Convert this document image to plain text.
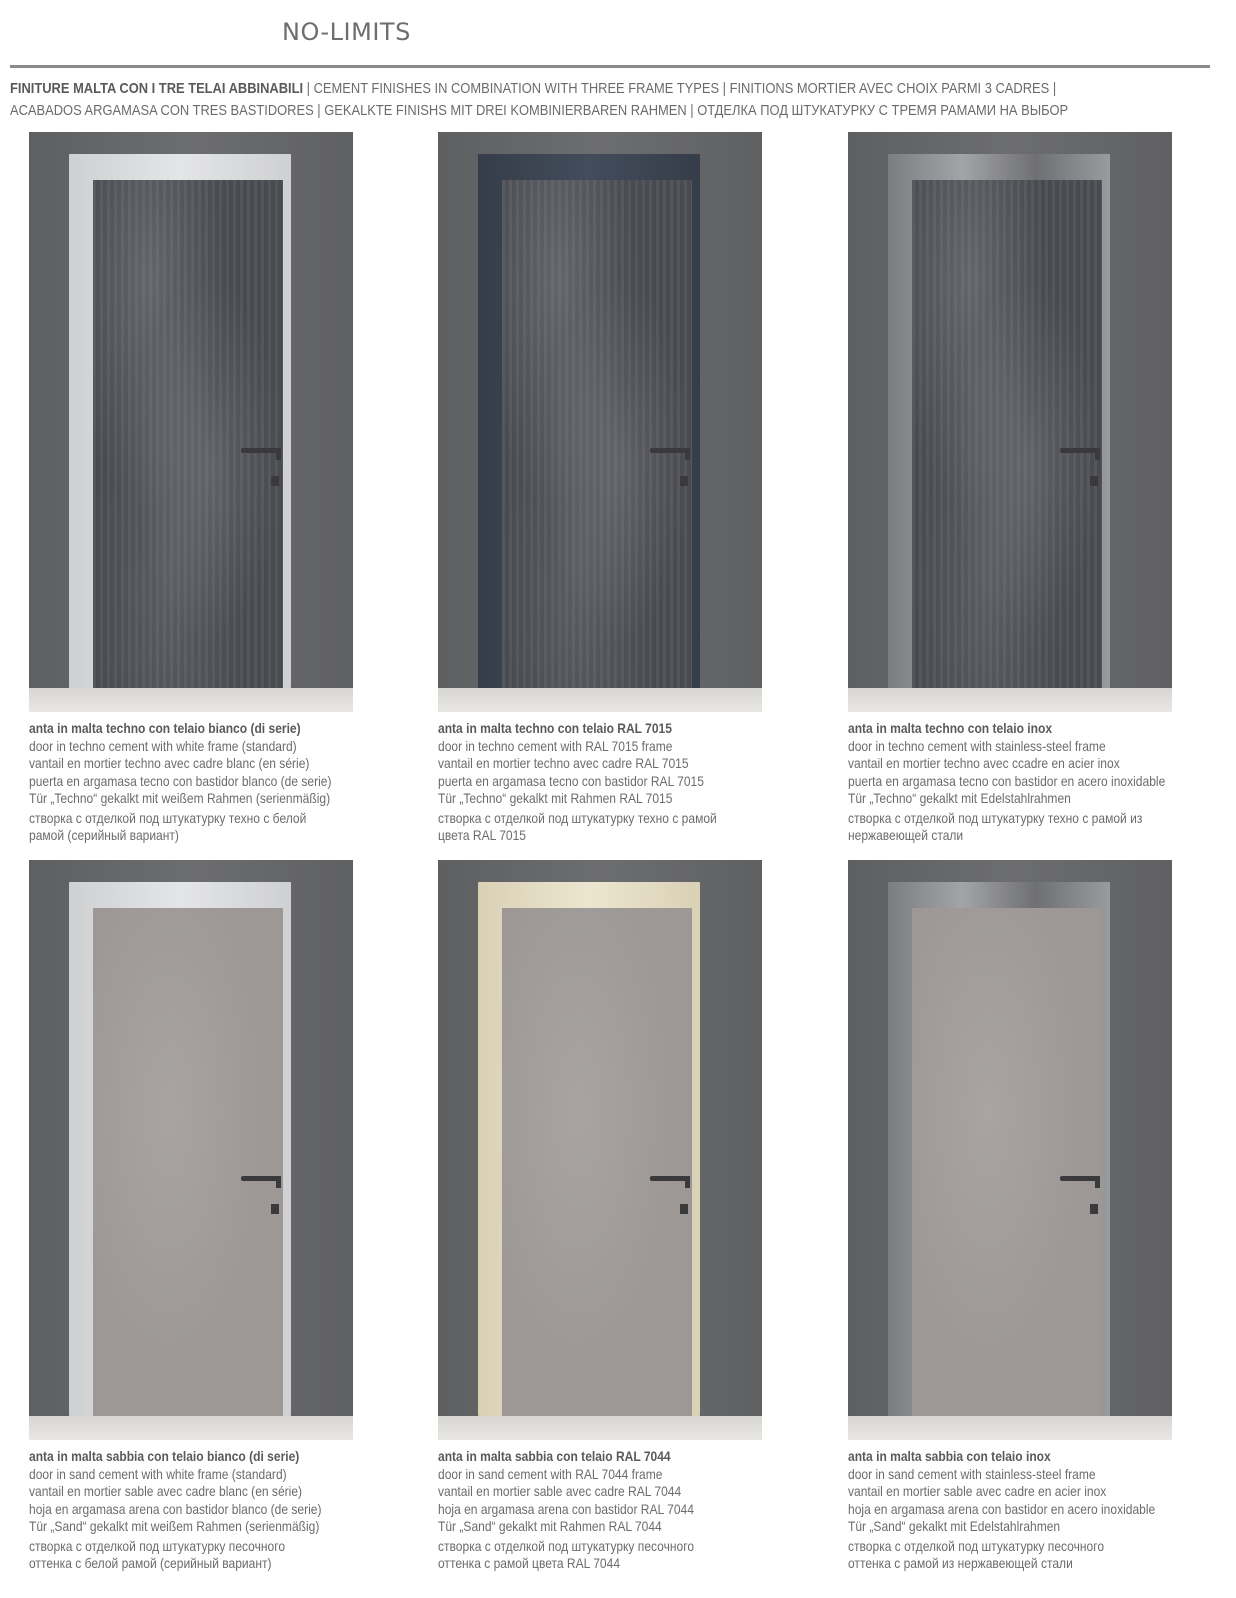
NO-LIMITS
FINITURE MALTA CON I TRE TELAI ABBINABILI | CEMENT FINISHES IN COMBINATION WITH THREE FRAME TYPES | FINITIONS MORTIER AVEC CHOIX PARMI 3 CADRES |
ACABADOS ARGAMASA CON TRES BASTIDORES | GEKALKTE FINISHS MIT DREI KOMBINIERBAREN RAHMEN | ОТДЕЛКА ПОД ШТУКАТУРКУ С ТРЕМЯ РАМАМИ НА ВЫБОР
anta in malta techno con telaio bianco (di serie)
door in techno cement with white frame (standard)
vantail en mortier techno avec cadre blanc (en série)
puerta en argamasa tecno con bastidor blanco (de serie)
Tür „Techno“ gekalkt mit weißem Rahmen (serienmäßig)
створка с отделкой под штукатурку техно с белой
рамой (серийный вариант)
anta in malta techno con telaio RAL 7015
door in techno cement with RAL 7015 frame
vantail en mortier techno avec cadre RAL 7015
puerta en argamasa tecno con bastidor RAL 7015
Tür „Techno“ gekalkt mit Rahmen RAL 7015
створка с отделкой под штукатурку техно с рамой
цвета RAL 7015
anta in malta techno con telaio inox
door in techno cement with stainless-steel frame
vantail en mortier techno avec ccadre en acier inox
puerta en argamasa tecno con bastidor en acero inoxidable
Tür „Techno“ gekalkt mit Edelstahlrahmen
створка с отделкой под штукатурку техно с рамой из
нержавеющей стали
anta in malta sabbia con telaio bianco (di serie)
door in sand cement with white frame (standard)
vantail en mortier sable avec cadre blanc (en série)
hoja en argamasa arena con bastidor blanco (de serie)
Tür „Sand“ gekalkt mit weißem Rahmen (serienmäßig)
створка с отделкой под штукатурку песочного
оттенка с белой рамой (серийный вариант)
anta in malta sabbia con telaio RAL 7044
door in sand cement with RAL 7044 frame
vantail en mortier sable avec cadre RAL 7044
hoja en argamasa arena con bastidor RAL 7044
Tür „Sand“ gekalkt mit Rahmen RAL 7044
створка с отделкой под штукатурку песочного
оттенка с рамой цвета RAL 7044
anta in malta sabbia con telaio inox
door in sand cement with stainless-steel frame
vantail en mortier sable avec cadre en acier inox
hoja en argamasa arena con bastidor en acero inoxidable
Tür „Sand“ gekalkt mit Edelstahlrahmen
створка с отделкой под штукатурку песочного
оттенка с рамой из нержавеющей стали
